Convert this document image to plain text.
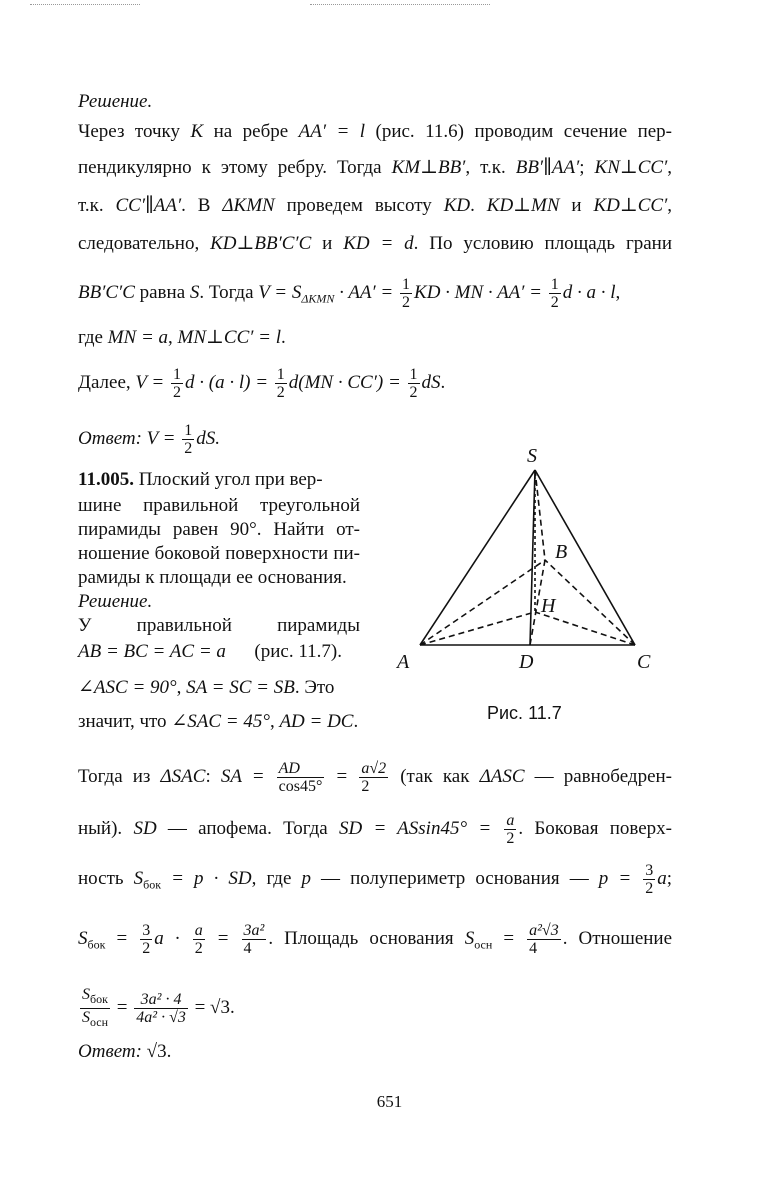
Решение.
Через точку K на ребре AA′ = l (рис. 11.6) проводим сечение пер-
пендикулярно к этому ребру. Тогда KM⊥BB′, т.к. BB′∥AA′; KN⊥CC′,
т.к. CC′∥AA′. В ΔKMN проведем высоту KD. KD⊥MN и KD⊥CC′,
следовательно, KD⊥BB′C′C и KD = d. По условию площадь грани
BB′C′C равна S. Тогда $V = S_{\Delta KMN} \cdot AA' = \frac{1}{2}$ KD · MN · $AA' = \frac{1}{2}$ d · a · l,
где MN = a, MN⊥CC′ = l.
Далее, $V = \frac{1}{2}$ $d \cdot (a \cdot l) = \frac{1}{2} d(MN \cdot CC') = \frac{1}{2}$ dS.
Ответ: $V = \frac{1}{2}$ dS.
11.005. Плоский угол при вер-
шине правильной треугольной
пирамиды равен 90°. Найти от-
ношение боковой поверхности пи-
рамиды к площади ее основания.
Решение.
У правильной пирамиды
AB = BC = AC = a (рис. 11.7).
∠ASC = 90°, SA = SC = SB. Это
значит, что ∠SAC = 45°, AD = DC.
S
B
H
A	D	C
Рис. 11.7
Тогда из ΔSAC: SA = $\frac{AD}{\cos 45^\circ} = \frac{a√2}{2} (так$ как ΔASC — равнобедрен-
ный). SD — апофема. Тогда SD = $ASsin45^\circ = \frac{a}{2}$ . Боковая поверх-
ность $S_{бок} = p$ · SD, где p — полупериметр основания — $p = \frac{3}{2} a$;
$S_{бок} = \frac{3}{2}$ $a \cdot \frac{a}{2} = \frac{\text{3a²}}{4}$ . Площадь основания $S_{осн} = \frac{\text{a²√3}}{4}$ . Отношение
$\frac{S_{бок}}{S_{осн}} = \frac{\text{3a² · 4}}{\text{4a² · √3}} = √3$.
Ответ: √3.
651
